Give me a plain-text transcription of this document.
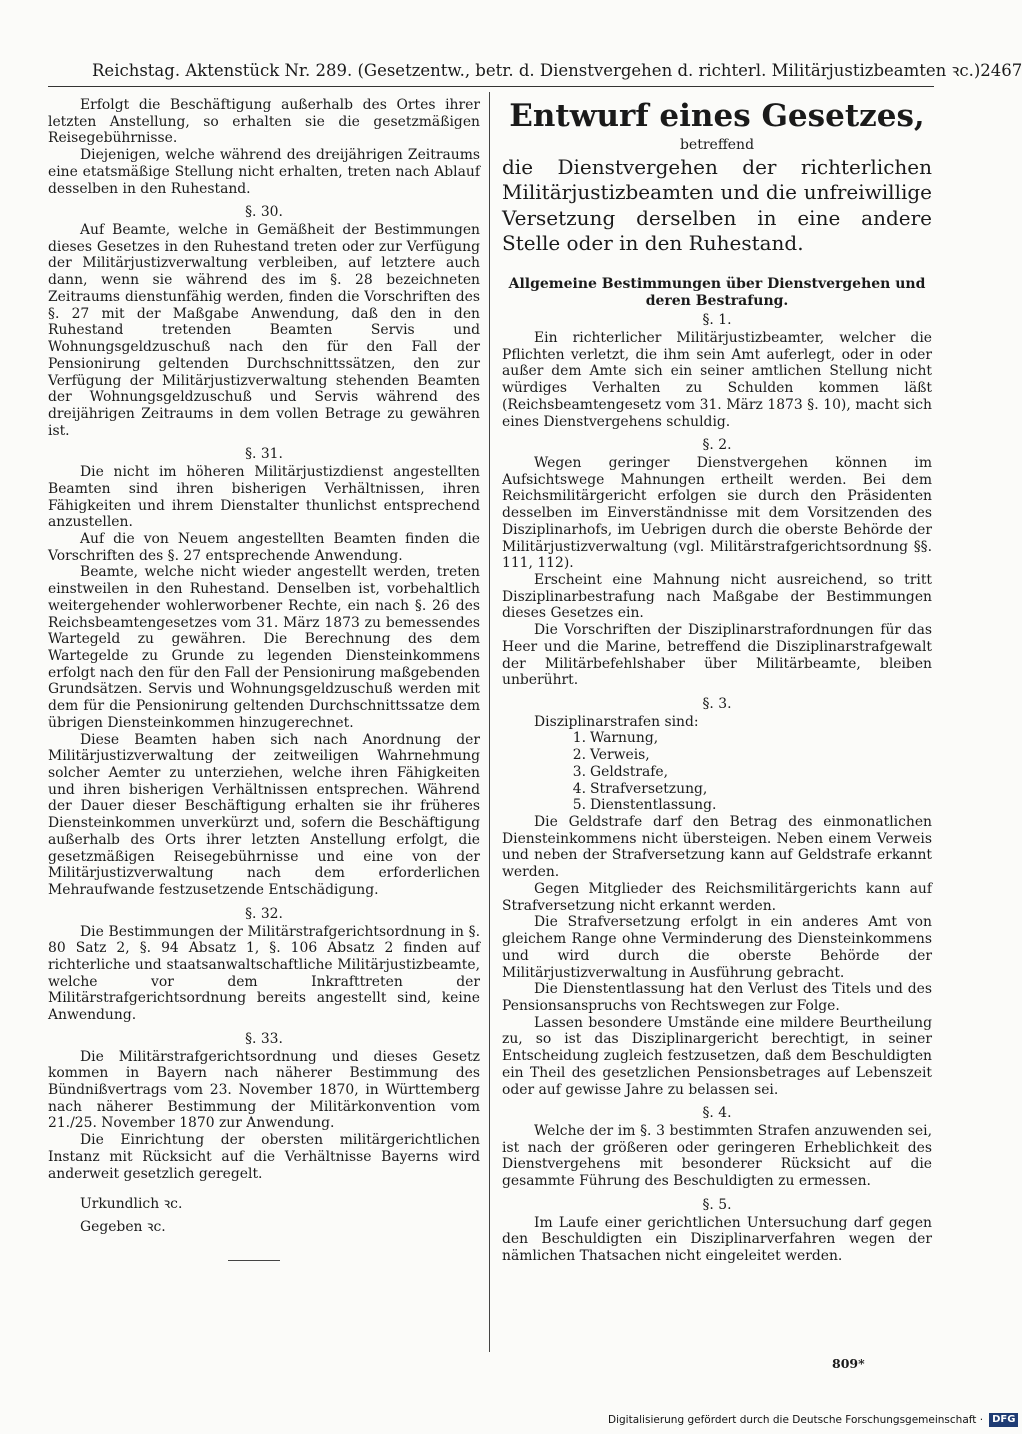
Reichstag. Aktenstück Nr. 289. (Gesetzentw., betr. d. Dienstvergehen d. richterl. Militärjustizbeamten ꝛc.) 2467

Erfolgt die Beschäftigung außerhalb des Ortes ihrer letzten Anstellung, so erhalten sie die gesetzmäßigen Reisegebührnisse.

Diejenigen, welche während des dreijährigen Zeitraums eine etatsmäßige Stellung nicht erhalten, treten nach Ablauf desselben in den Ruhestand.

§. 30.

Auf Beamte, welche in Gemäßheit der Bestimmungen dieses Gesetzes in den Ruhestand treten oder zur Verfügung der Militärjustizverwaltung verbleiben, auf letztere auch dann, wenn sie während des im §. 28 bezeichneten Zeitraums dienstunfähig werden, finden die Vorschriften des §. 27 mit der Maßgabe Anwendung, daß den in den Ruhestand tretenden Beamten Servis und Wohnungsgeldzuschuß nach den für den Fall der Pensionirung geltenden Durchschnittssätzen, den zur Verfügung der Militärjustizverwaltung stehenden Beamten der Wohnungsgeldzuschuß und Servis während des dreijährigen Zeitraums in dem vollen Betrage zu gewähren ist.

§. 31.

Die nicht im höheren Militärjustizdienst angestellten Beamten sind ihren bisherigen Verhältnissen, ihren Fähigkeiten und ihrem Dienstalter thunlichst entsprechend anzustellen.

Auf die von Neuem angestellten Beamten finden die Vorschriften des §. 27 entsprechende Anwendung.

Beamte, welche nicht wieder angestellt werden, treten einstweilen in den Ruhestand. Denselben ist, vorbehaltlich weitergehender wohlerworbener Rechte, ein nach §. 26 des Reichsbeamtengesetzes vom 31. März 1873 zu bemessendes Wartegeld zu gewähren. Die Berechnung des dem Wartegelde zu Grunde zu legenden Diensteinkommens erfolgt nach den für den Fall der Pensionirung maßgebenden Grundsätzen. Servis und Wohnungsgeldzuschuß werden mit dem für die Pensionirung geltenden Durchschnittssatze dem übrigen Diensteinkommen hinzugerechnet.

Diese Beamten haben sich nach Anordnung der Militärjustizverwaltung der zeitweiligen Wahrnehmung solcher Aemter zu unterziehen, welche ihren Fähigkeiten und ihren bisherigen Verhältnissen entsprechen. Während der Dauer dieser Beschäftigung erhalten sie ihr früheres Diensteinkommen unverkürzt und, sofern die Beschäftigung außerhalb des Orts ihrer letzten Anstellung erfolgt, die gesetzmäßigen Reisegebührnisse und eine von der Militärjustizverwaltung nach dem erforderlichen Mehraufwande festzusetzende Entschädigung.

§. 32.

Die Bestimmungen der Militärstrafgerichtsordnung in §. 80 Satz 2, §. 94 Absatz 1, §. 106 Absatz 2 finden auf richterliche und staatsanwaltschaftliche Militärjustizbeamte, welche vor dem Inkrafttreten der Militärstrafgerichtsordnung bereits angestellt sind, keine Anwendung.

§. 33.

Die Militärstrafgerichtsordnung und dieses Gesetz kommen in Bayern nach näherer Bestimmung des Bündnißvertrags vom 23. November 1870, in Württemberg nach näherer Bestimmung der Militärkonvention vom 21./25. November 1870 zur Anwendung.

Die Einrichtung der obersten militärgerichtlichen Instanz mit Rücksicht auf die Verhältnisse Bayerns wird anderweit gesetzlich geregelt.

Urkundlich ꝛc.

Gegeben ꝛc.

Entwurf eines Gesetzes,

betreffend

die Dienstvergehen der richterlichen Militärjustizbeamten und die unfreiwillige Versetzung derselben in eine andere Stelle oder in den Ruhestand.

Allgemeine Bestimmungen über Dienstvergehen und deren Bestrafung.

§. 1.

Ein richterlicher Militärjustizbeamter, welcher die Pflichten verletzt, die ihm sein Amt auferlegt, oder in oder außer dem Amte sich ein seiner amtlichen Stellung nicht würdiges Verhalten zu Schulden kommen läßt (Reichsbeamtengesetz vom 31. März 1873 §. 10), macht sich eines Dienstvergehens schuldig.

§. 2.

Wegen geringer Dienstvergehen können im Aufsichtswege Mahnungen ertheilt werden. Bei dem Reichsmilitärgericht erfolgen sie durch den Präsidenten desselben im Einverständnisse mit dem Vorsitzenden des Disziplinarhofs, im Uebrigen durch die oberste Behörde der Militärjustizverwaltung (vgl. Militärstrafgerichtsordnung §§. 111, 112).

Erscheint eine Mahnung nicht ausreichend, so tritt Disziplinarbestrafung nach Maßgabe der Bestimmungen dieses Gesetzes ein.

Die Vorschriften der Disziplinarstrafordnungen für das Heer und die Marine, betreffend die Disziplinarstrafgewalt der Militärbefehlshaber über Militärbeamte, bleiben unberührt.

§. 3.

Disziplinarstrafen sind:

1. Warnung,
2. Verweis,
3. Geldstrafe,
4. Strafversetzung,
5. Dienstentlassung.

Die Geldstrafe darf den Betrag des einmonatlichen Diensteinkommens nicht übersteigen. Neben einem Verweis und neben der Strafversetzung kann auf Geldstrafe erkannt werden.

Gegen Mitglieder des Reichsmilitärgerichts kann auf Strafversetzung nicht erkannt werden.

Die Strafversetzung erfolgt in ein anderes Amt von gleichem Range ohne Verminderung des Diensteinkommens und wird durch die oberste Behörde der Militärjustizverwaltung in Ausführung gebracht.

Die Dienstentlassung hat den Verlust des Titels und des Pensionsanspruchs von Rechtswegen zur Folge.

Lassen besondere Umstände eine mildere Beurtheilung zu, so ist das Disziplinargericht berechtigt, in seiner Entscheidung zugleich festzusetzen, daß dem Beschuldigten ein Theil des gesetzlichen Pensionsbetrages auf Lebenszeit oder auf gewisse Jahre zu belassen sei.

§. 4.

Welche der im §. 3 bestimmten Strafen anzuwenden sei, ist nach der größeren oder geringeren Erheblichkeit des Dienstvergehens mit besonderer Rücksicht auf die gesammte Führung des Beschuldigten zu ermessen.

§. 5.

Im Laufe einer gerichtlichen Untersuchung darf gegen den Beschuldigten ein Disziplinarverfahren wegen der nämlichen Thatsachen nicht eingeleitet werden.

809*
Digitalisierung gefördert durch die Deutsche Forschungsgemeinschaft · DFG
